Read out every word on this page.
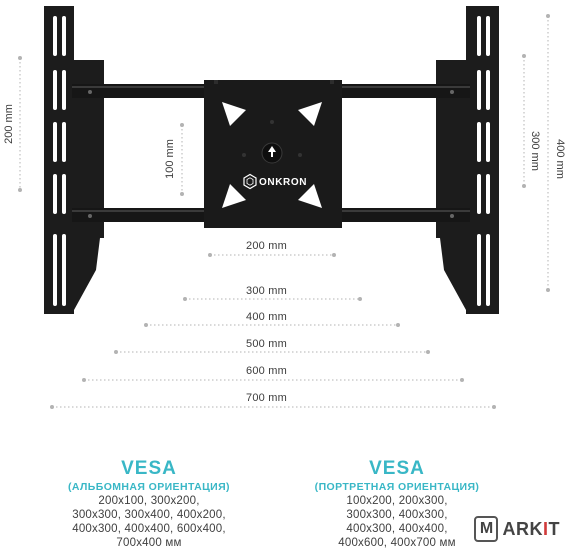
ONKRON
200 mm
100 mm	300 mm 400 mm
200 mm
300 mm
400 mm
500 mm
600 mm
700 mm
VESA
(АЛЬБОМНАЯ ОРИЕНТАЦИЯ)
200x100, 300x200,
300x300, 300x400, 400x200,
400x300, 400x400, 600x400,
700x400 мм
VESA
(ПОРТРЕТНАЯ ОРИЕНТАЦИЯ)
100x200, 200x300,
300x300, 400x300,
400x300, 400x400,
400x600, 400x700 мм
M ARKIT
